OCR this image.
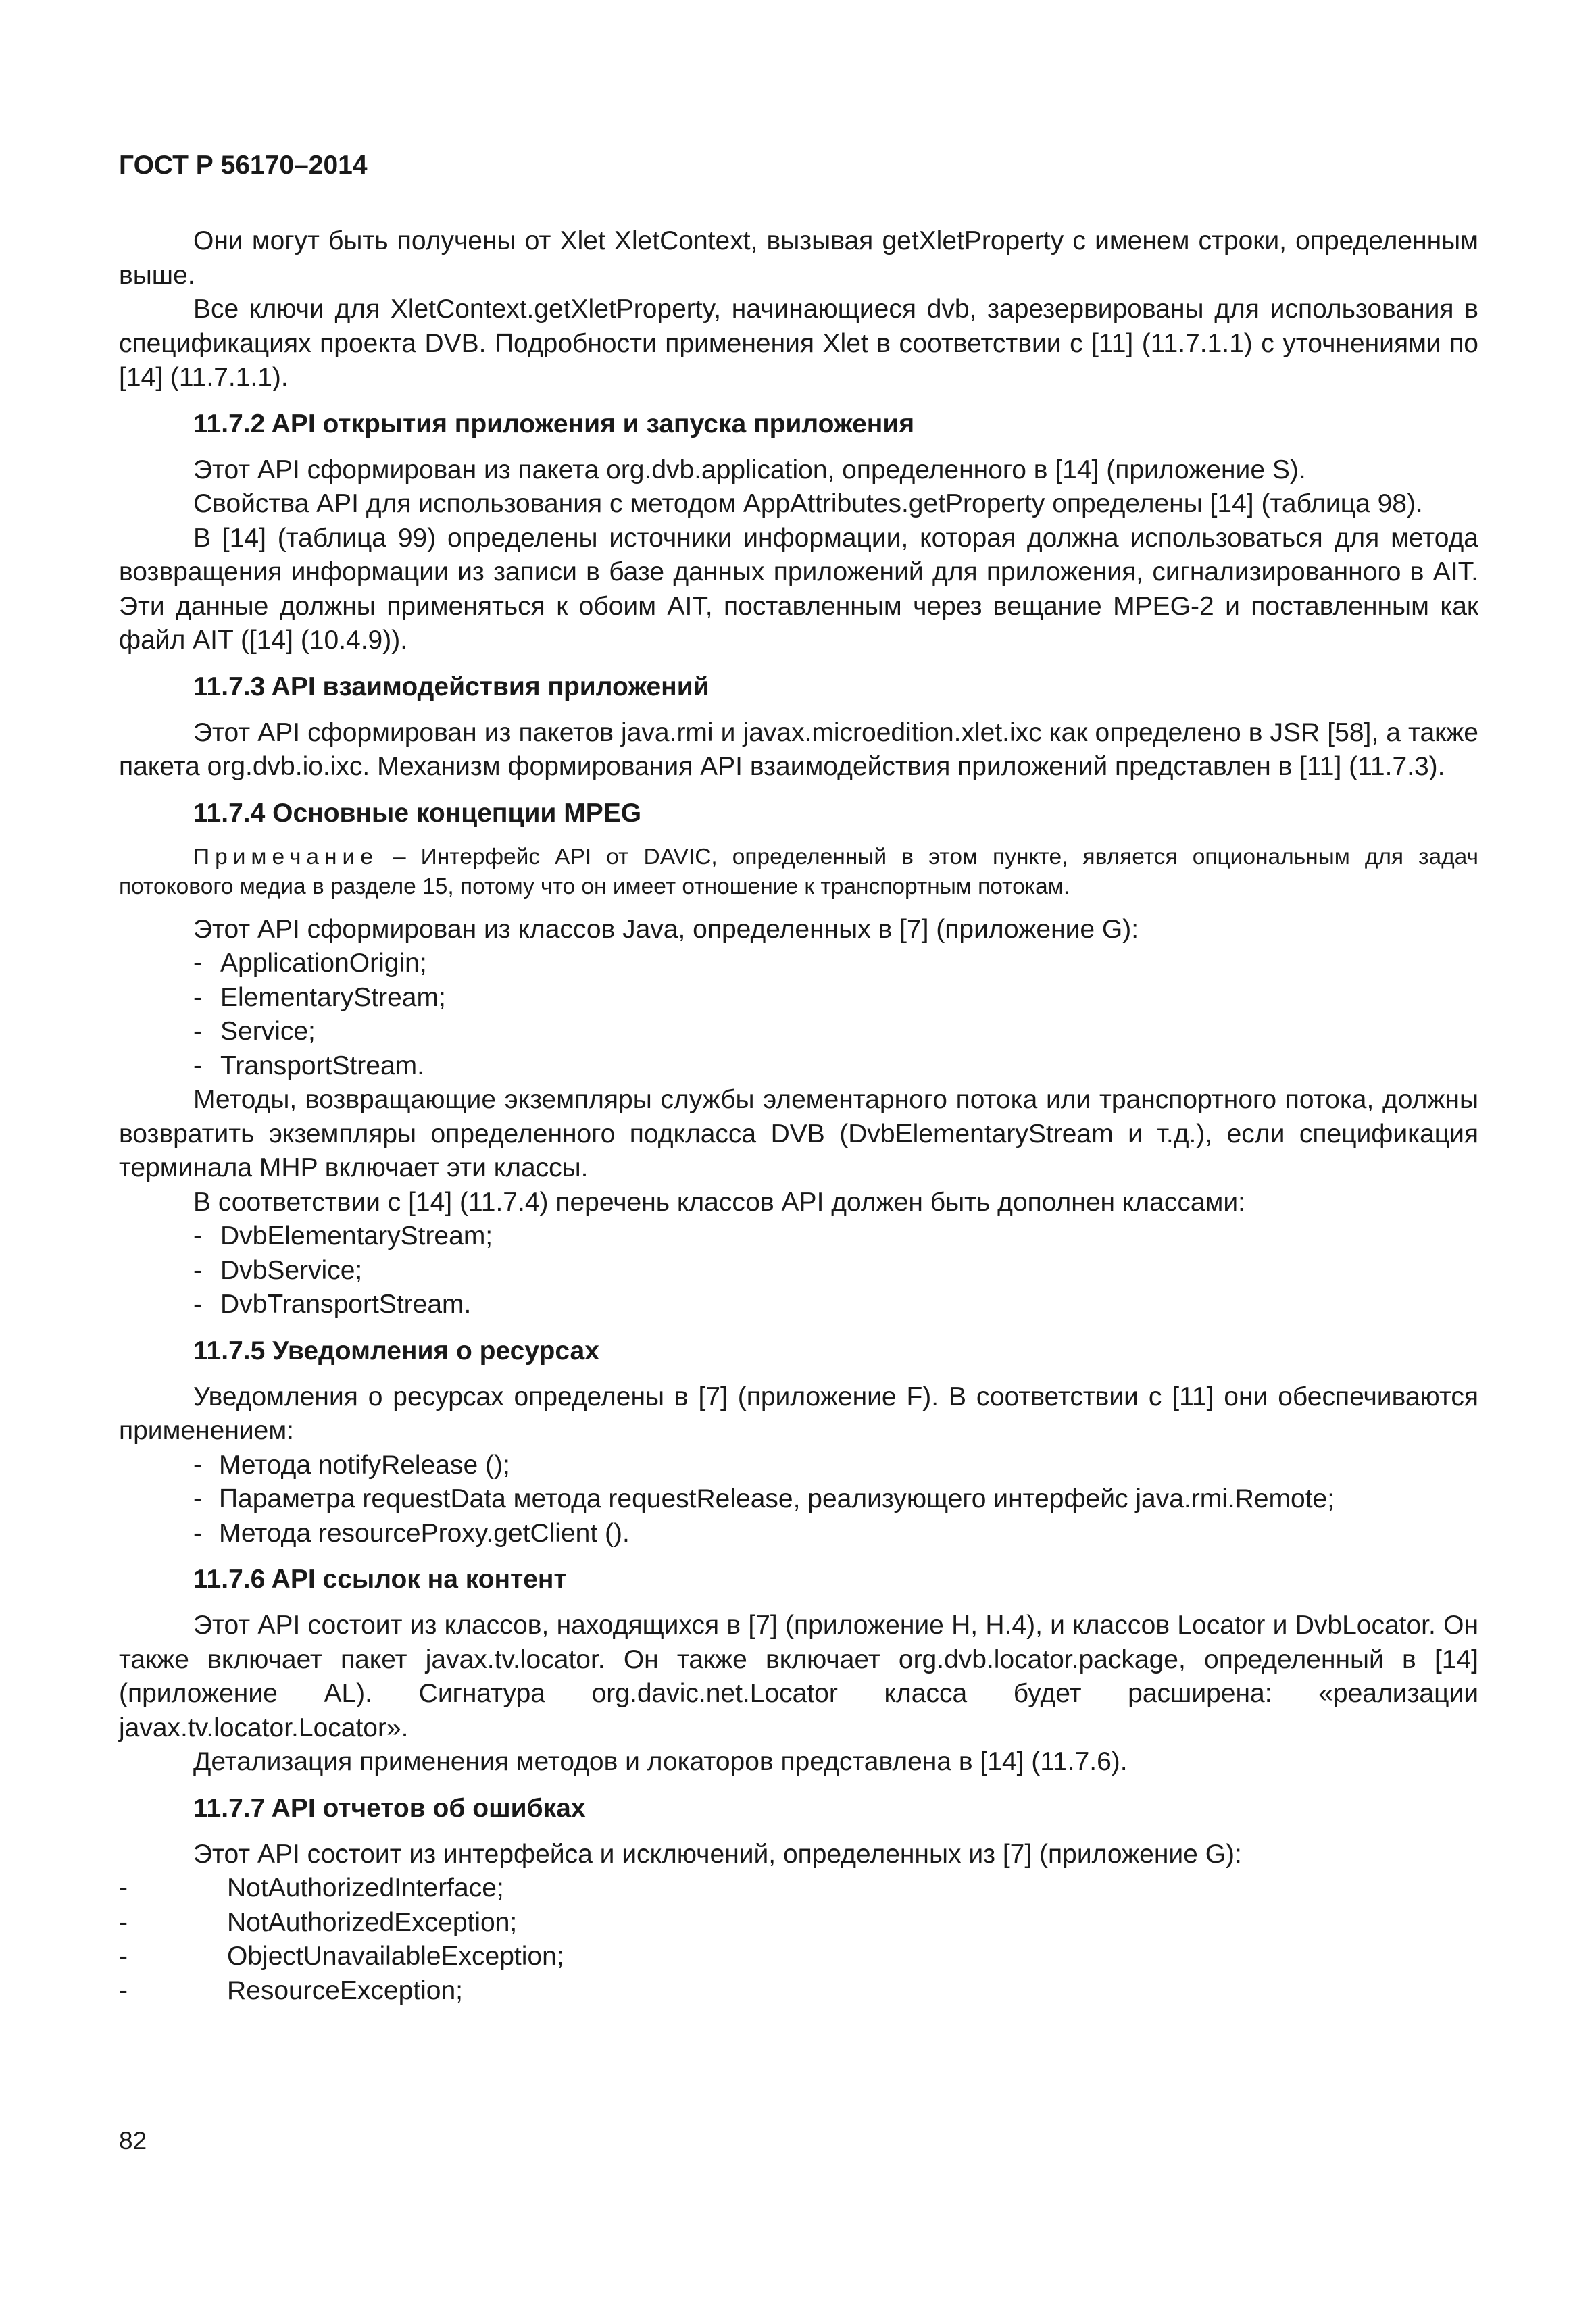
ГОСТ Р 56170–2014

Они могут быть получены от Xlet XletContext, вызывая getXletProperty с именем строки, определенным выше.

Все ключи для XletContext.getXletProperty, начинающиеся dvb, зарезервированы для использования в спецификациях проекта DVB. Подробности применения Xlet в соответствии с [11] (11.7.1.1) с уточнениями по [14] (11.7.1.1).

11.7.2 API открытия приложения и запуска приложения

Этот API сформирован из пакета org.dvb.application, определенного в [14] (приложение S).

Свойства API для использования с методом AppAttributes.getProperty определены [14] (таблица 98).

В [14] (таблица 99) определены источники информации, которая должна использоваться для метода возвращения информации из записи в базе данных приложений для приложения, сигнализированного в AIT. Эти данные должны применяться к обоим AIT, поставленным через вещание MPEG-2 и поставленным как файл AIT ([14] (10.4.9)).

11.7.3 API взаимодействия приложений

Этот API сформирован из пакетов java.rmi и javax.microedition.xlet.ixc как определено в JSR [58], а также пакета org.dvb.io.ixc. Механизм формирования API взаимодействия приложений представлен в [11] (11.7.3).

11.7.4 Основные концепции MPEG
Примечание – Интерфейс API от DAVIC, определенный в этом пункте, является опциональным для задач потокового медиа в разделе 15, потому что он имеет отношение к транспортным потокам.

Этот API сформирован из классов Java, определенных в [7] (приложение G):

- ApplicationOrigin;
- ElementaryStream;
- Service;
- TransportStream.

Методы, возвращающие экземпляры службы элементарного потока или транспортного потока, должны возвратить экземпляры определенного подкласса DVB (DvbElementaryStream и т.д.), если спецификация терминала MHP включает эти классы.

В соответствии с [14] (11.7.4) перечень классов API должен быть дополнен классами:

- DvbElementaryStream;
- DvbService;
- DvbTransportStream.
11.7.5 Уведомления о ресурсах

Уведомления о ресурсах определены в [7] (приложение F). В соответствии с [11] они обеспечиваются применением:

- Метода notifyRelease ();
- Параметра requestData метода requestRelease, реализующего интерфейс java.rmi.Remote;
- Метода resourceProxy.getClient ().
11.7.6 API ссылок на контент

Этот API состоит из классов, находящихся в [7] (приложение H, H.4), и классов Locator и DvbLocator. Он также включает пакет javax.tv.locator. Он также включает org.dvb.locator.package, определенный в [14] (приложение AL). Сигнатура org.davic.net.Locator класса будет расширена: «реализации javax.tv.locator.Locator».

Детализация применения методов и локаторов представлена в [14] (11.7.6).

11.7.7 API отчетов об ошибках

Этот API состоит из интерфейса и исключений, определенных из [7] (приложение G):

- NotAuthorizedInterface;
- NotAuthorizedException;
- ObjectUnavailableException;
- ResourceException;
82
